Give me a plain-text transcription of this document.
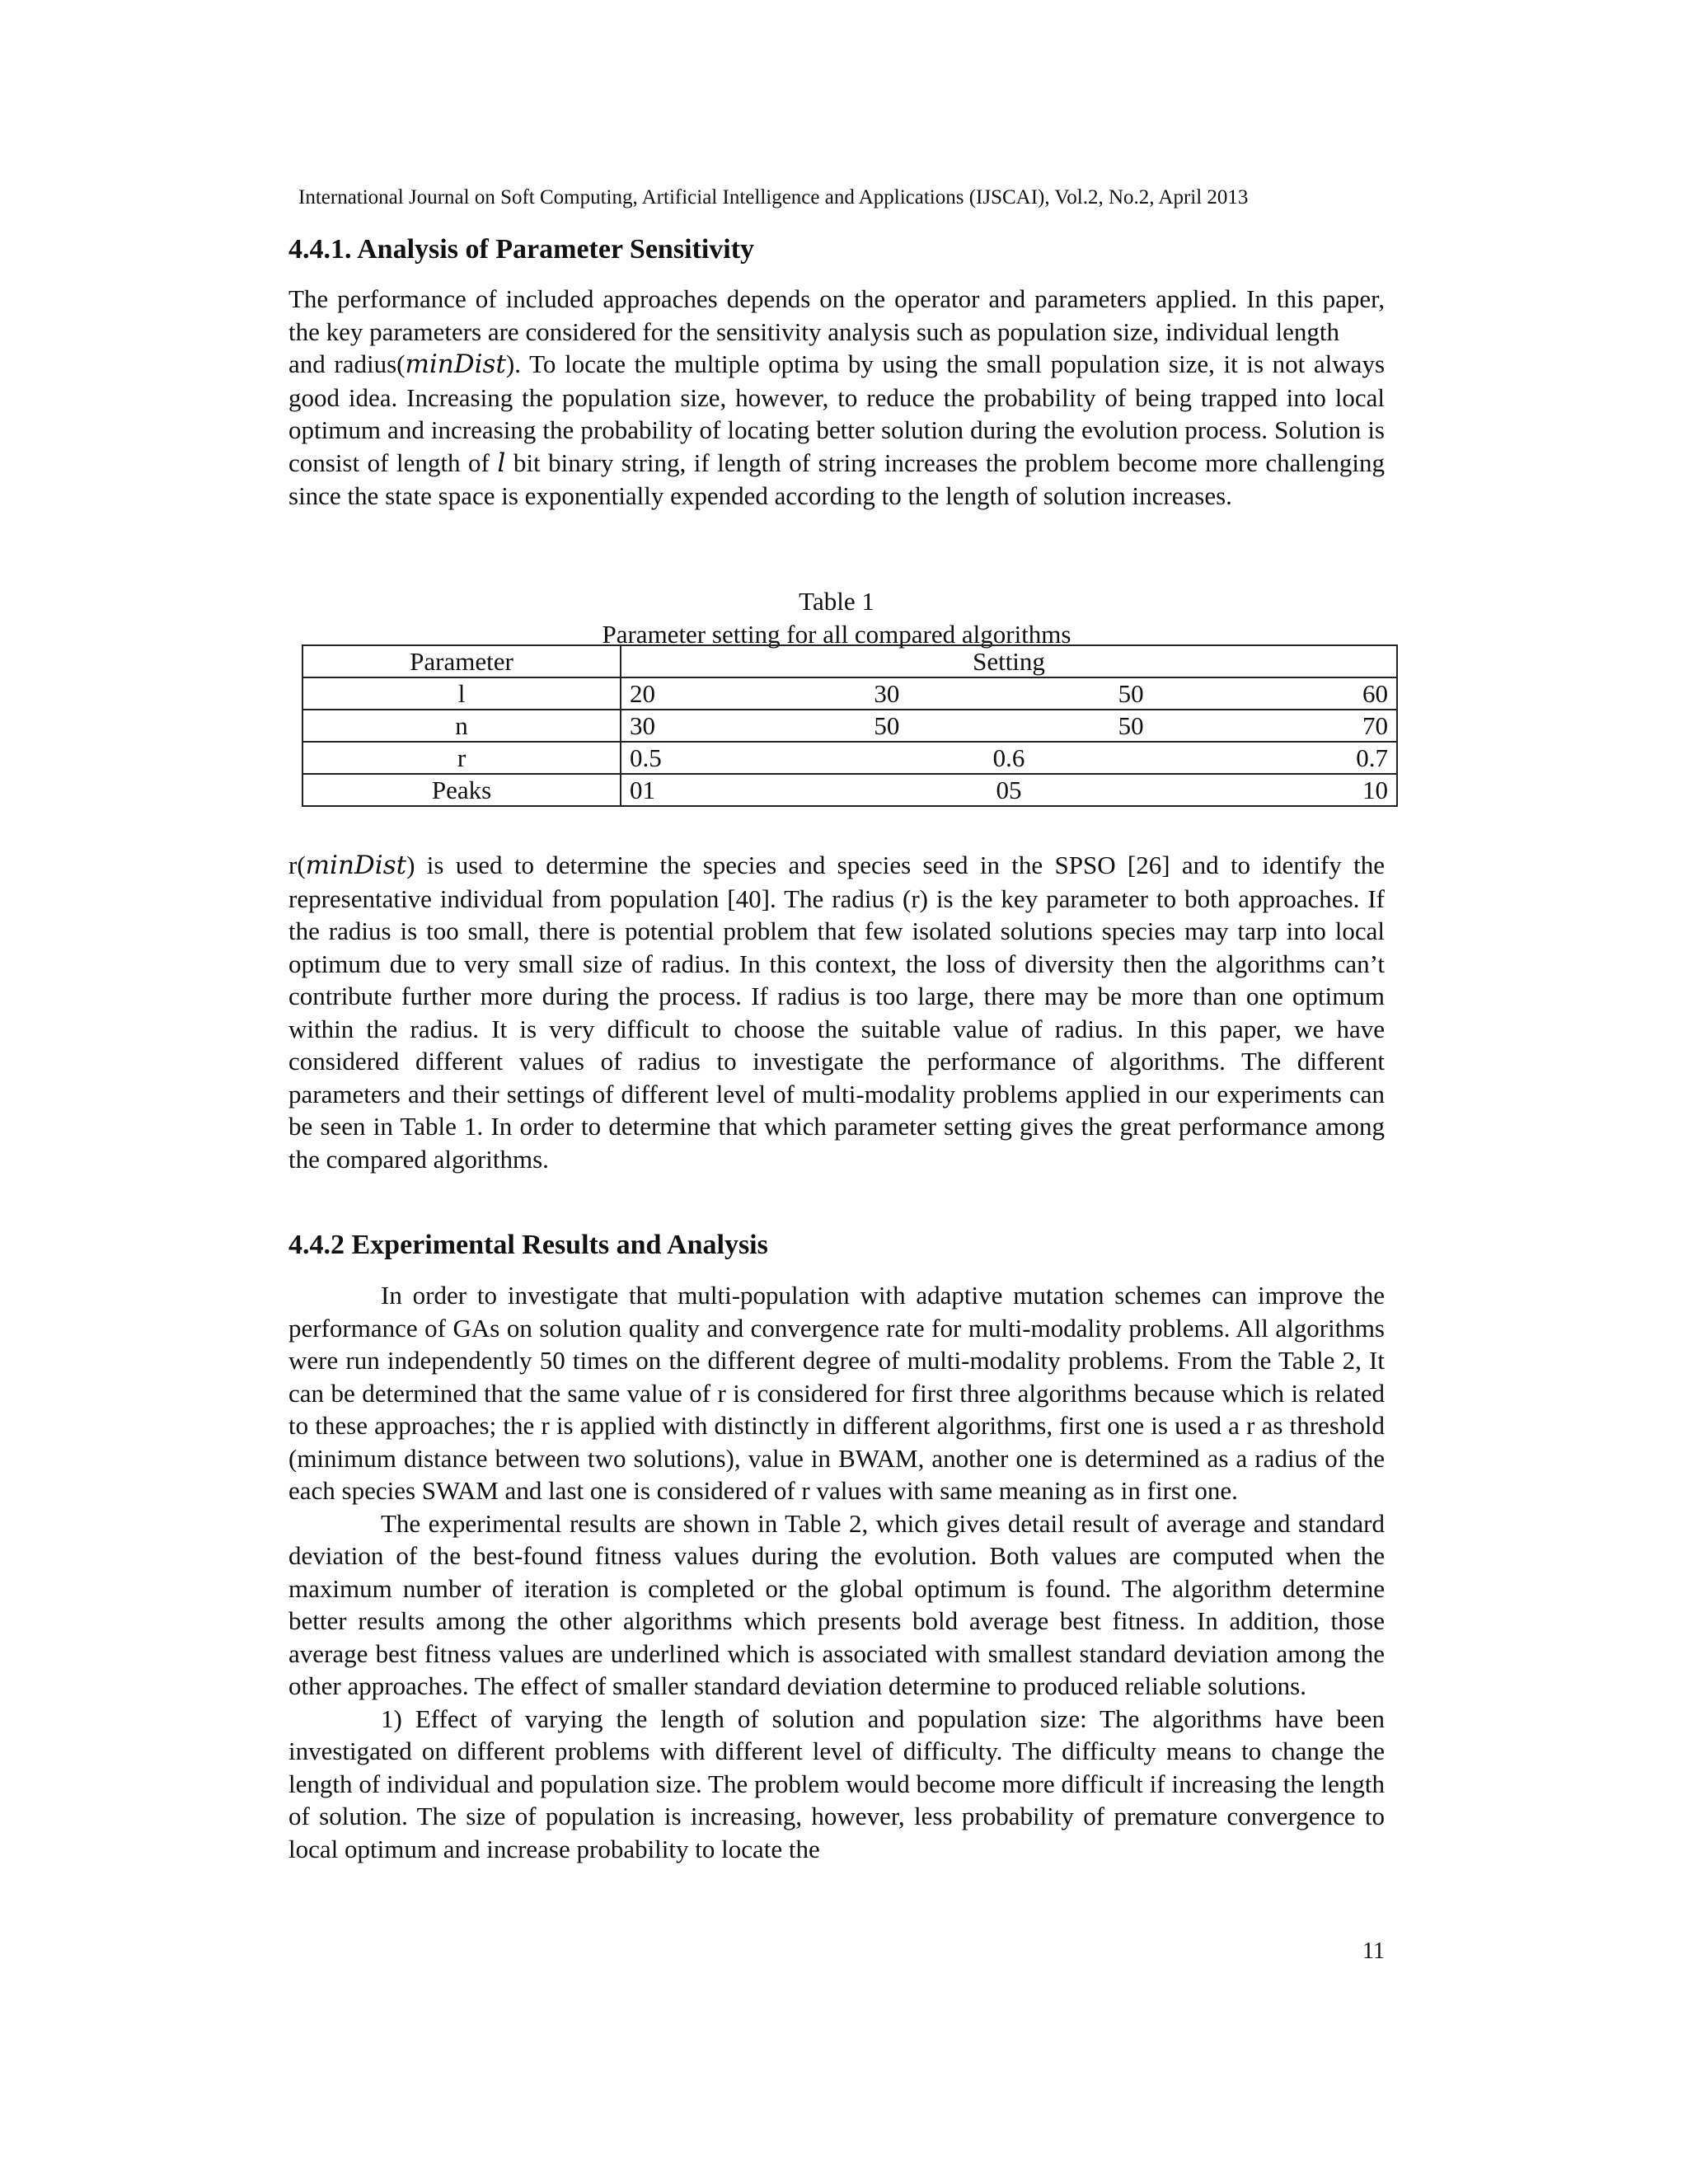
International Journal on Soft Computing, Artificial Intelligence and Applications (IJSCAI), Vol.2, No.2, April 2013
4.4.1. Analysis of Parameter Sensitivity

The performance of included approaches depends on the operator and parameters applied. In this paper, the key parameters are considered for the sensitivity analysis such as population size, individual length

and radius(minDist). To locate the multiple optima by using the small population size, it is not always good idea. Increasing the population size, however, to reduce the probability of being trapped into local optimum and increasing the probability of locating better solution during the evolution process. Solution is consist of length of l bit binary string, if length of string increases the problem become more challenging since the state space is exponentially expended according to the length of solution increases.

Table 1
Parameter setting for all compared algorithms
Parameter	Setting
l	20 30 50 60

n	30 50 50 70

r	0.5 0.6 0.7

Peaks	01 05 10

r(minDist) is used to determine the species and species seed in the SPSO [26] and to identify the representative individual from population [40]. The radius (r) is the key parameter to both approaches. If the radius is too small, there is potential problem that few isolated solutions species may tarp into local optimum due to very small size of radius. In this context, the loss of diversity then the algorithms can’t contribute further more during the process. If radius is too large, there may be more than one optimum within the radius. It is very difficult to choose the suitable value of radius. In this paper, we have considered different values of radius to investigate the performance of algorithms. The different parameters and their settings of different level of multi-modality problems applied in our experiments can be seen in Table 1. In order to determine that which parameter setting gives the great performance among the compared algorithms.

4.4.2 Experimental Results and Analysis

In order to investigate that multi-population with adaptive mutation schemes can improve the performance of GAs on solution quality and convergence rate for multi-modality problems. All algorithms were run independently 50 times on the different degree of multi-modality problems. From the Table 2, It can be determined that the same value of r is considered for first three algorithms because which is related to these approaches; the r is applied with distinctly in different algorithms, first one is used a r as threshold (minimum distance between two solutions), value in BWAM, another one is determined as a radius of the each species SWAM and last one is considered of r values with same meaning as in first one.

The experimental results are shown in Table 2, which gives detail result of average and standard deviation of the best-found fitness values during the evolution. Both values are computed when the maximum number of iteration is completed or the global optimum is found. The algorithm determine better results among the other algorithms which presents bold average best fitness. In addition, those average best fitness values are underlined which is associated with smallest standard deviation among the other approaches. The effect of smaller standard deviation determine to produced reliable solutions.

1) Effect of varying the length of solution and population size: The algorithms have been investigated on different problems with different level of difficulty. The difficulty means to change the length of individual and population size. The problem would become more difficult if increasing the length of solution. The size of population is increasing, however, less probability of premature convergence to local optimum and increase probability to locate the

11
